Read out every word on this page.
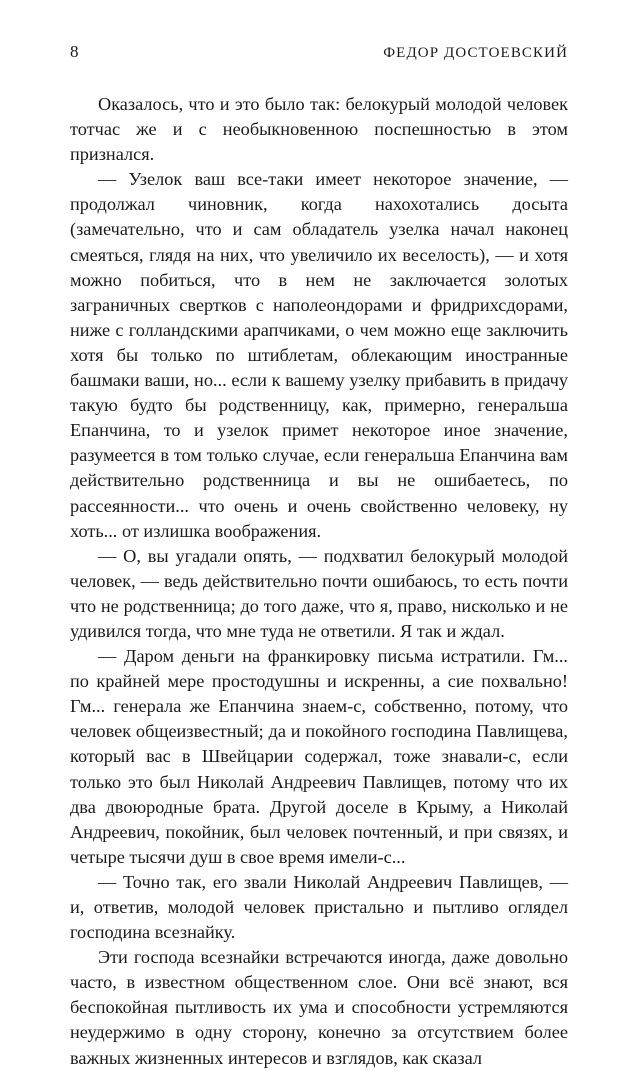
8	ФЕДОР ДОСТОЕВСКИЙ

Оказалось, что и это было так: белокурый молодой человек тотчас же и с необыкновенною поспешностью в этом признался.

— Узелок ваш все-таки имеет некоторое значение, — продолжал чиновник, когда нахохотались досыта (замечательно, что и сам обладатель узелка начал наконец смеяться, глядя на них, что увеличило их веселость), — и хотя можно побиться, что в нем не заключается золотых заграничных свертков с наполеондорами и фридрихсдорами, ниже с голландскими арапчиками, о чем можно еще заключить хотя бы только по штиблетам, облекающим иностранные башмаки ваши, но... если к вашему узелку прибавить в придачу такую будто бы родственницу, как, примерно, генеральша Епанчина, то и узелок примет некоторое иное значение, разумеется в том только случае, если генеральша Епанчина вам действительно родственница и вы не ошибаетесь, по рассеянности... что очень и очень свойственно человеку, ну хоть... от излишка воображения.

— О, вы угадали опять, — подхватил белокурый молодой человек, — ведь действительно почти ошибаюсь, то есть почти что не родственница; до того даже, что я, право, нисколько и не удивился тогда, что мне туда не ответили. Я так и ждал.

— Даром деньги на франкировку письма истратили. Гм... по крайней мере простодушны и искренны, а сие похвально! Гм... генерала же Епанчина знаем-с, собственно, потому, что человек общеизвестный; да и покойного господина Павлищева, который вас в Швейцарии содержал, тоже знавали-с, если только это был Николай Андреевич Павлищев, потому что их два двоюродные брата. Другой доселе в Крыму, а Николай Андреевич, покойник, был человек почтенный, и при связях, и четыре тысячи душ в свое время имели-с...

— Точно так, его звали Николай Андреевич Павлищев, — и, ответив, молодой человек пристально и пытливо оглядел господина всезнайку.

Эти господа всезнайки встречаются иногда, даже довольно часто, в известном общественном слое. Они всё знают, вся беспокойная пытливость их ума и способности устремляются неудержимо в одну сторону, конечно за отсутствием более важных жизненных интересов и взглядов, как сказал
